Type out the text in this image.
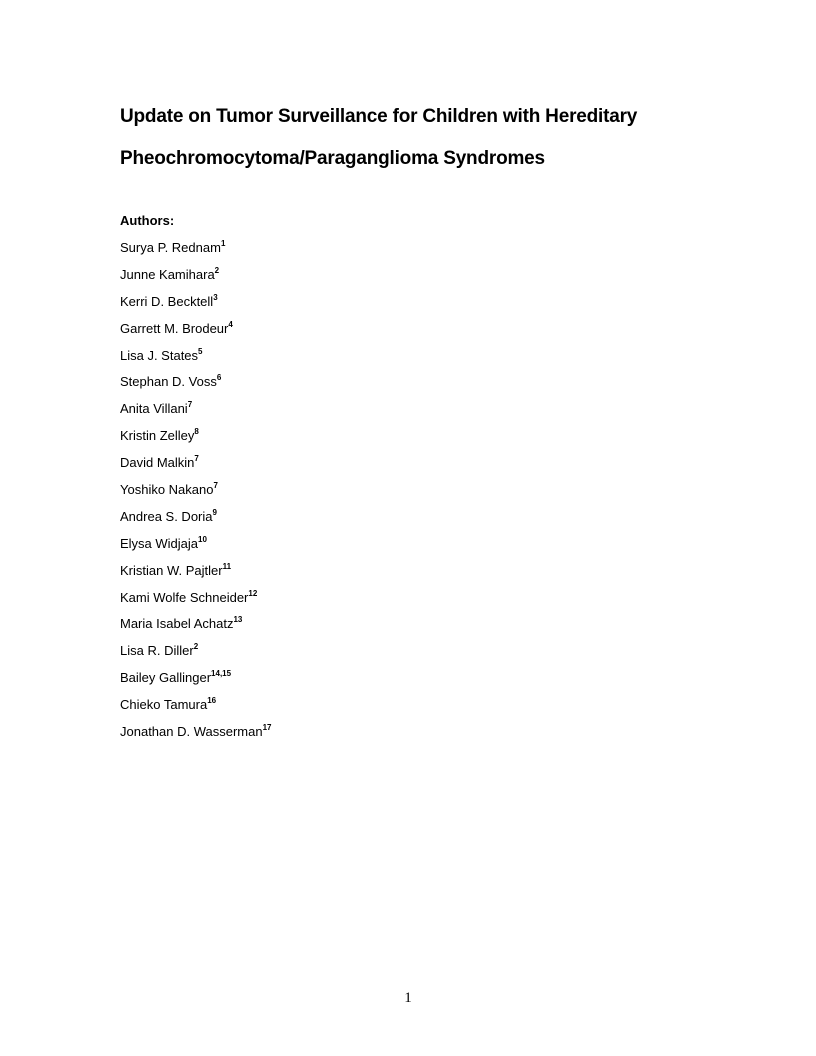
Update on Tumor Surveillance for Children with Hereditary
Pheochromocytoma/Paraganglioma Syndromes
Authors:
Surya P. Rednam$^1$
Junne Kamihara$^2$
Kerri D. Becktell$^3$
Garrett M. Brodeur$^4$
Lisa J. States$^5$
Stephan D. Voss$^6$
Anita Villani$^7$
Kristin Zelley$^8$
David Malkin$^7$
Yoshiko Nakano$^7$
Andrea S. Doria$^9$
Elysa Widjaja$^{10}$
Kristian W. Pajtler$^{11}$
Kami Wolfe Schneider$^{12}$
Maria Isabel Achatz$^{13}$
Lisa R. Diller$^2$
Bailey Gallinger$^{14,15}$
Chieko Tamura$^{16}$
Jonathan D. Wasserman$^{17}$
1
